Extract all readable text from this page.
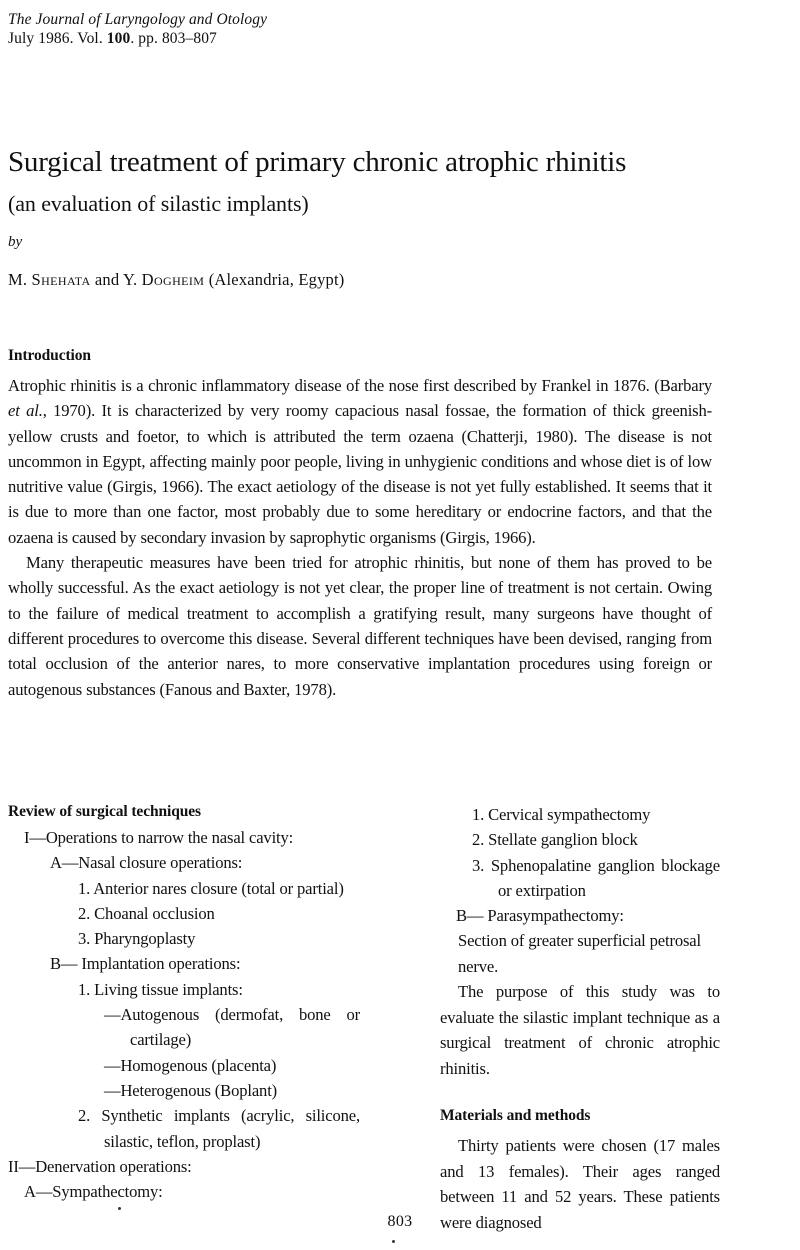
The Journal of Laryngology and Otology
July 1986. Vol. 100. pp. 803–807
Surgical treatment of primary chronic atrophic rhinitis
(an evaluation of silastic implants)
by
M. Shehata and Y. Dogheim (Alexandria, Egypt)
Introduction

Atrophic rhinitis is a chronic inflammatory disease of the nose first described by Frankel in 1876. (Barbary et al., 1970). It is characterized by very roomy capacious nasal fossae, the formation of thick greenish-yellow crusts and foetor, to which is attributed the term ozaena (Chatterji, 1980). The disease is not uncommon in Egypt, affecting mainly poor people, living in unhygienic conditions and whose diet is of low nutritive value (Girgis, 1966). The exact aetiology of the disease is not yet fully established. It seems that it is due to more than one factor, most probably due to some hereditary or endocrine factors, and that the ozaena is caused by secondary invasion by saprophytic organisms (Girgis, 1966).

Many therapeutic measures have been tried for atrophic rhinitis, but none of them has proved to be wholly successful. As the exact aetiology is not yet clear, the proper line of treatment is not certain. Owing to the failure of medical treatment to accomplish a gratifying result, many surgeons have thought of different procedures to overcome this disease. Several different techniques have been devised, ranging from total occlusion of the anterior nares, to more conservative implantation procedures using foreign or autogenous substances (Fanous and Baxter, 1978).

Review of surgical techniques
I—Operations to narrow the nasal cavity:
A—Nasal closure operations:
1. Anterior nares closure (total or partial)
2. Choanal occlusion
3. Pharyngoplasty
B— Implantation operations:
1. Living tissue implants:
—Autogenous (dermofat, bone or cartilage)
—Homogenous (placenta)
—Heterogenous (Boplant)
2. Synthetic implants (acrylic, silicone, silastic, teflon, proplast)
II—Denervation operations:
A—Sympathectomy:
1. Cervical sympathectomy
2. Stellate ganglion block
3. Sphenopalatine ganglion blockage or extirpation
B— Parasympathectomy:
Section of greater superficial petrosal nerve.

The purpose of this study was to evaluate the silastic implant technique as a surgical treatment of chronic atrophic rhinitis.

Materials and methods

Thirty patients were chosen (17 males and 13 females). Their ages ranged between 11 and 52 years. These patients were diagnosed

803
